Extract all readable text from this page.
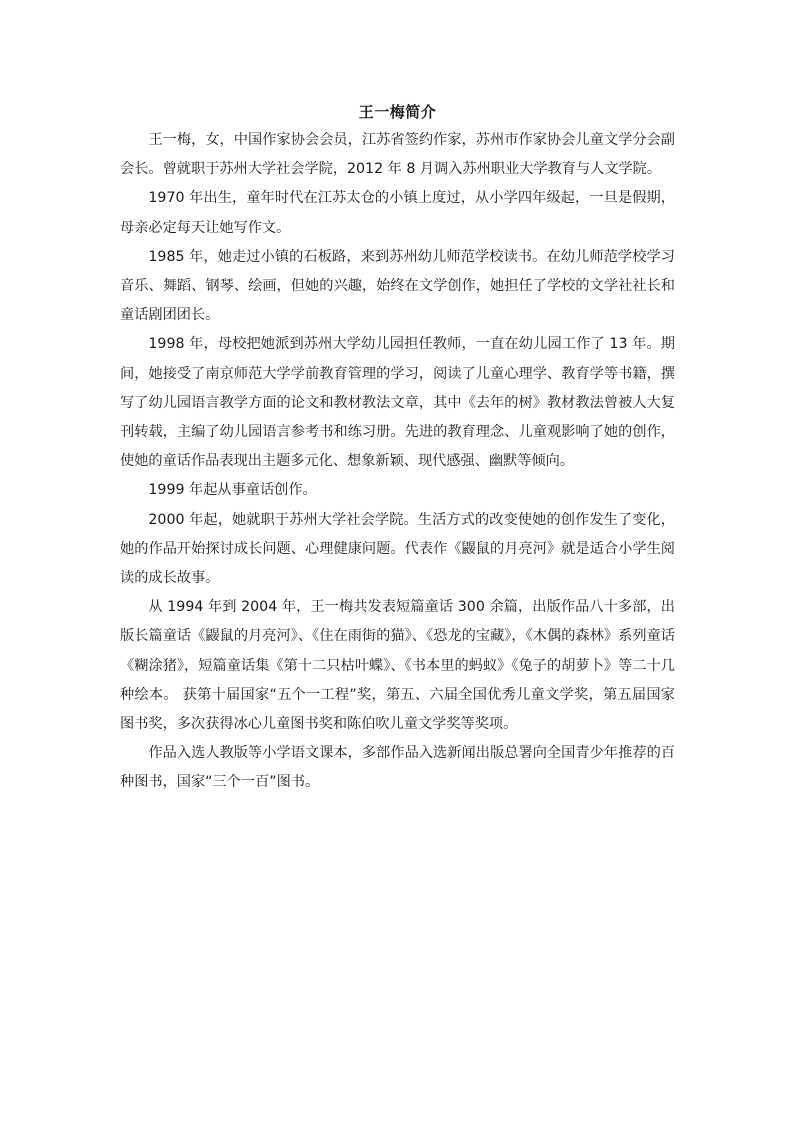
王一梅简介

王一梅，女，中国作家协会会员，江苏省签约作家，苏州市作家协会儿童文学分会副会长。曾就职于苏州大学社会学院，2012 年 8 月调入苏州职业大学教育与人文学院。

1970 年出生，童年时代在江苏太仓的小镇上度过，从小学四年级起，一旦是假期，母亲必定每天让她写作文。

1985 年，她走过小镇的石板路，来到苏州幼儿师范学校读书。在幼儿师范学校学习音乐、舞蹈、钢琴、绘画，但她的兴趣，始终在文学创作，她担任了学校的文学社社长和童话剧团团长。

1998 年，母校把她派到苏州大学幼儿园担任教师，一直在幼儿园工作了 13 年。期间，她接受了南京师范大学学前教育管理的学习，阅读了儿童心理学、教育学等书籍，撰写了幼儿园语言教学方面的论文和教材教法文章，其中《去年的树》教材教法曾被人大复刊转载，主编了幼儿园语言参考书和练习册。先进的教育理念、儿童观影响了她的创作，使她的童话作品表现出主题多元化、想象新颖、现代感强、幽默等倾向。

1999 年起从事童话创作。

2000 年起，她就职于苏州大学社会学院。生活方式的改变使她的创作发生了变化，她的作品开始探讨成长问题、心理健康问题。代表作《鼹鼠的月亮河》就是适合小学生阅读的成长故事。

从 1994 年到 2004 年，王一梅共发表短篇童话 300 余篇，出版作品八十多部，出版长篇童话《鼹鼠的月亮河》、《住在雨街的猫》、《恐龙的宝藏》，《木偶的森林》系列童话《糊涂猪》，短篇童话集《第十二只枯叶蝶》、《书本里的蚂蚁》《兔子的胡萝卜》等二十几种绘本。 获第十届国家“五个一工程”奖，第五、六届全国优秀儿童文学奖，第五届国家图书奖，多次获得冰心儿童图书奖和陈伯吹儿童文学奖等奖项。

作品入选人教版等小学语文课本，多部作品入选新闻出版总署向全国青少年推荐的百种图书，国家“三个一百”图书。
